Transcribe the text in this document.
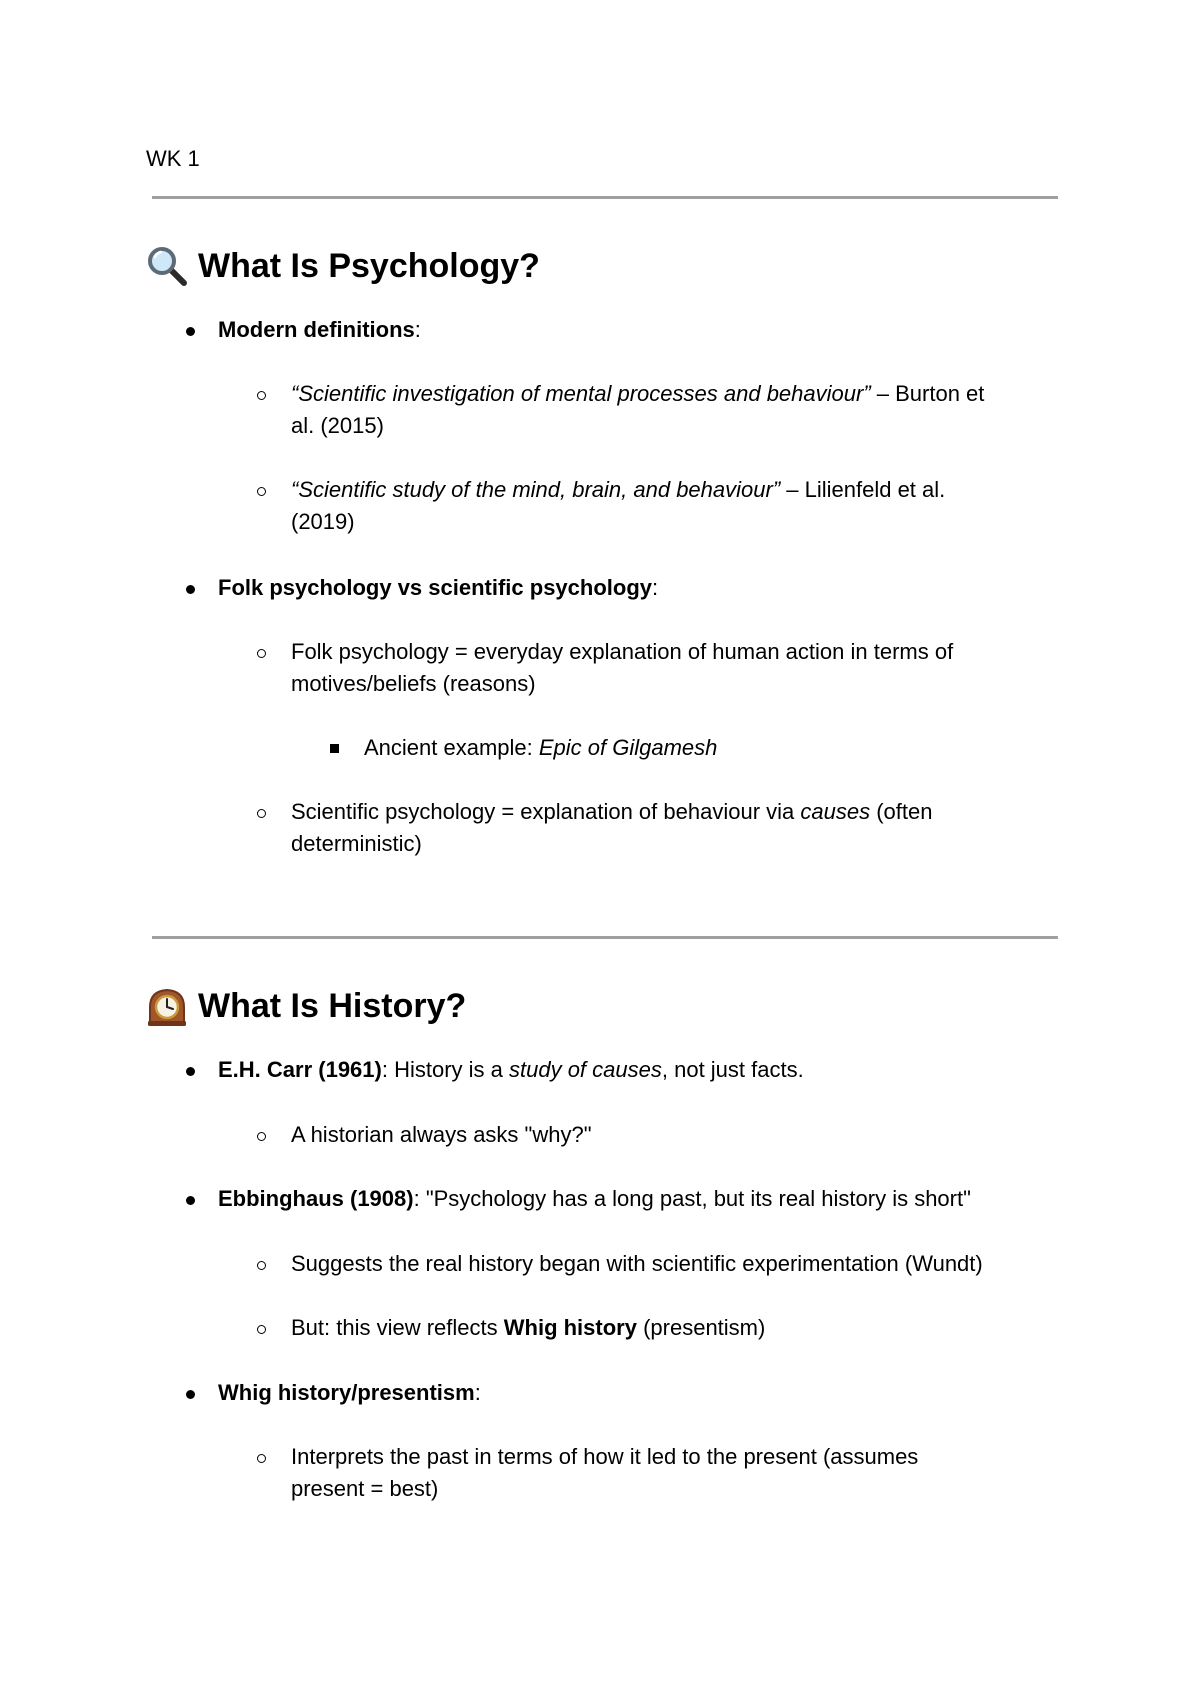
WK 1
What Is Psychology?
Modern definitions:
“Scientific investigation of mental processes and behaviour” – Burton et
al. (2015)
“Scientific study of the mind, brain, and behaviour” – Lilienfeld et al.
(2019)
Folk psychology vs scientific psychology:
Folk psychology = everyday explanation of human action in terms of
motives/beliefs (reasons)
Ancient example: Epic of Gilgamesh
Scientific psychology = explanation of behaviour via causes (often
deterministic)
What Is History?
E.H. Carr (1961): History is a study of causes, not just facts.
A historian always asks "why?"
Ebbinghaus (1908): "Psychology has a long past, but its real history is short"
Suggests the real history began with scientific experimentation (Wundt)
But: this view reflects Whig history (presentism)
Whig history/presentism:
Interprets the past in terms of how it led to the present (assumes
present = best)
